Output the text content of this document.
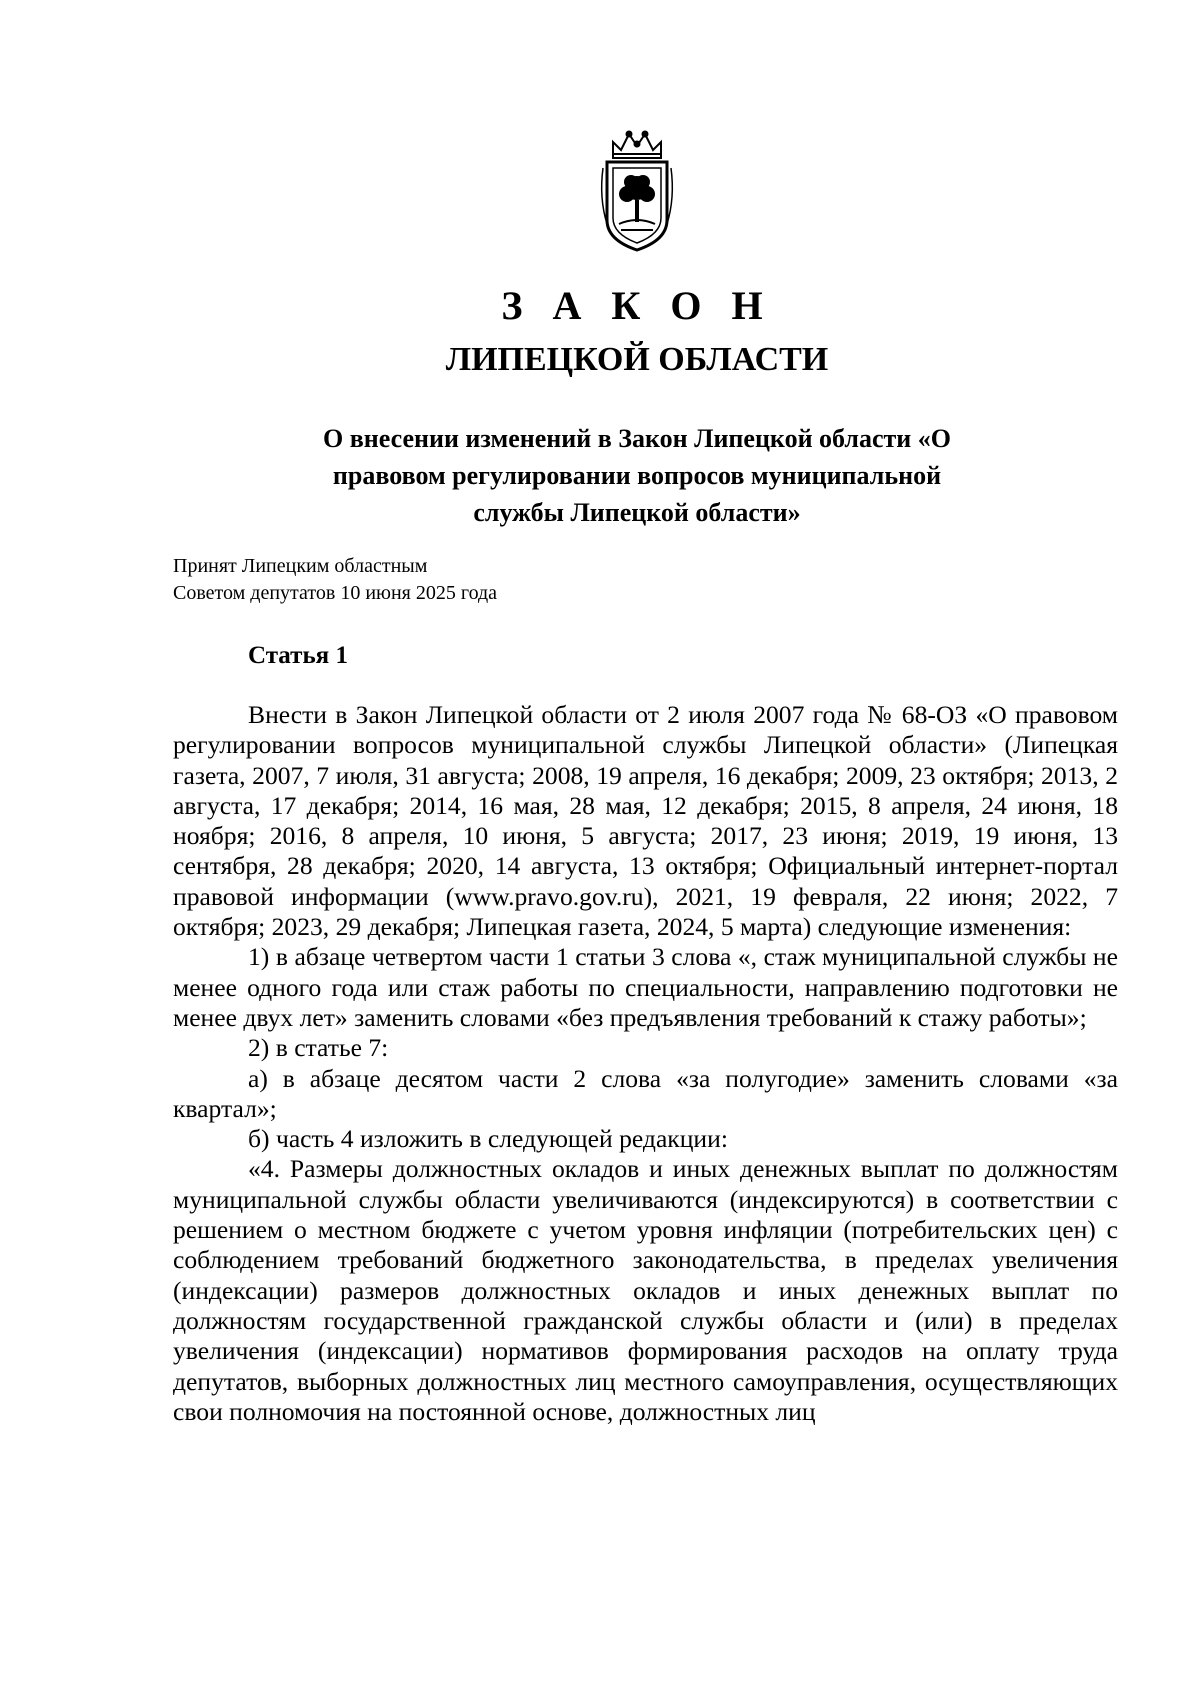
З А К О Н
ЛИПЕЦКОЙ ОБЛАСТИ
О внесении изменений в Закон Липецкой области «О правовом регулировании вопросов муниципальной службы Липецкой области»
Принят Липецким областным
Советом депутатов 10 июня 2025 года
Статья 1

Внести в Закон Липецкой области от 2 июля 2007 года № 68-ОЗ «О правовом регулировании вопросов муниципальной службы Липецкой области» (Липецкая газета, 2007, 7 июля, 31 августа; 2008, 19 апреля, 16 декабря; 2009, 23 октября; 2013, 2 августа, 17 декабря; 2014, 16 мая, 28 мая, 12 декабря; 2015, 8 апреля, 24 июня, 18 ноября; 2016, 8 апреля, 10 июня, 5 августа; 2017, 23 июня; 2019, 19 июня, 13 сентября, 28 декабря; 2020, 14 августа, 13 октября; Официальный интернет-портал правовой информации (www.pravo.gov.ru), 2021, 19 февраля, 22 июня; 2022, 7 октября; 2023, 29 декабря; Липецкая газета, 2024, 5 марта) следующие изменения:

1) в абзаце четвертом части 1 статьи 3 слова «, стаж муниципальной службы не менее одного года или стаж работы по специальности, направлению подготовки не менее двух лет» заменить словами «без предъявления требований к стажу работы»;

2) в статье 7:

а) в абзаце десятом части 2 слова «за полугодие» заменить словами «за квартал»;

б) часть 4 изложить в следующей редакции:

«4. Размеры должностных окладов и иных денежных выплат по должностям муниципальной службы области увеличиваются (индексируются) в соответствии с решением о местном бюджете с учетом уровня инфляции (потребительских цен) с соблюдением требований бюджетного законодательства, в пределах увеличения (индексации) размеров должностных окладов и иных денежных выплат по должностям государственной гражданской службы области и (или) в пределах увеличения (индексации) нормативов формирования расходов на оплату труда депутатов, выборных должностных лиц местного самоуправления, осуществляющих свои полномочия на постоянной основе, должностных лиц
